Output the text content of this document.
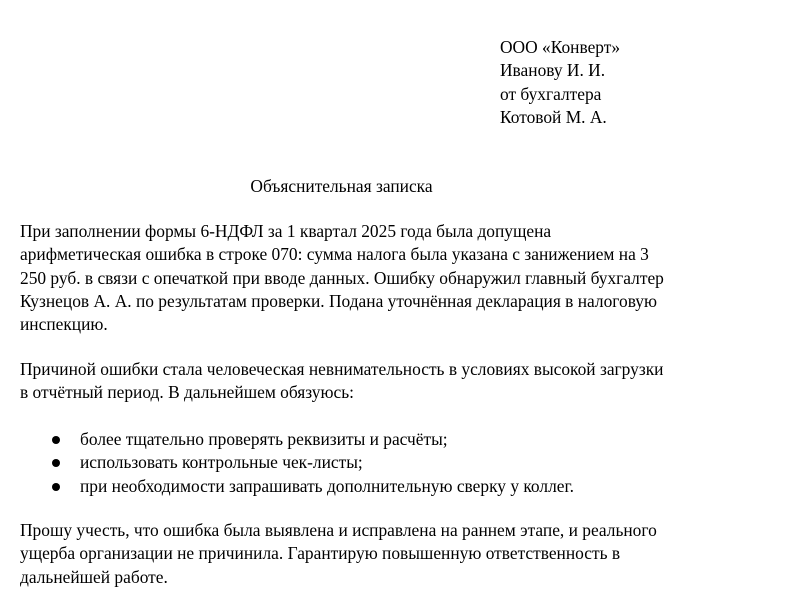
ООО «Конверт»
Иванову И. И.
от бухгалтера
Котовой М. А.
Объяснительная записка

При заполнении формы 6-НДФЛ за 1 квартал 2025 года была допущена
арифметическая ошибка в строке 070: сумма налога была указана с занижением на 3
250 руб. в связи с опечаткой при вводе данных. Ошибку обнаружил главный бухгалтер
Кузнецов А. А. по результатам проверки. Подана уточнённая декларация в налоговую
инспекцию.

Причиной ошибки стала человеческая невнимательность в условиях высокой загрузки
в отчётный период. В дальнейшем обязуюсь:

более тщательно проверять реквизиты и расчёты;
использовать контрольные чек-листы;
при необходимости запрашивать дополнительную сверку у коллег.

Прошу учесть, что ошибка была выявлена и исправлена на раннем этапе, и реального
ущерба организации не причинила. Гарантирую повышенную ответственность в
дальнейшей работе.
